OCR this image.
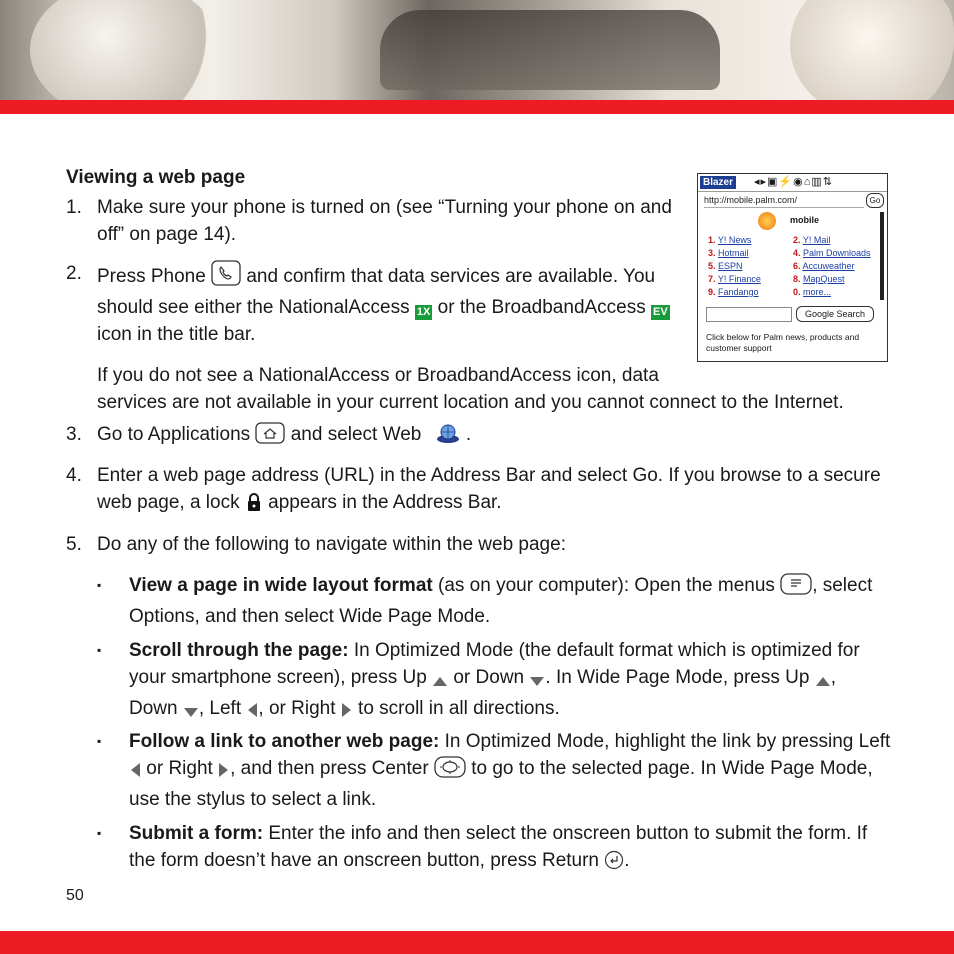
Viewing a web page
1. Make sure your phone is turned on (see “Turning your phone on and
off” on page 14).
2. Press Phone and confirm that data services are available. You
should see either the NationalAccess 1X or the BroadbandAccess EV
icon in the title bar.
If you do not see a NationalAccess or BroadbandAccess icon, data
services are not available in your current location and you cannot connect to the Internet.
3. Go to Applications and select Web .
4. Enter a web page address (URL) in the Address Bar and select Go. If you browse to a secure
web page, a lock appears in the Address Bar.
5. Do any of the following to navigate within the web page:
▪	View a page in wide layout format (as on your computer): Open the menus , select
Options, and then select Wide Page Mode.
▪	Scroll through the page: In Optimized Mode (the default format which is optimized for
your smartphone screen), press Up or Down . In Wide Page Mode, press Up ,
Down , Left , or Right to scroll in all directions.
▪	Follow a link to another web page: In Optimized Mode, highlight the link by pressing Left
or Right , and then press Center to go to the selected page. In Wide Page Mode,
use the stylus to select a link.
▪	Submit a form: Enter the info and then select the onscreen button to submit the form. If
the form doesn’t have an onscreen button, press Return .
Blazer ◂▸▣⚡◉⌂▥⇅
http://mobile.palm.com/	Go
mobile
1. Y! News	2. Y! Mail
3. Hotmail	4. Palm Downloads
5. ESPN	6. Accuweather
7. Y! Finance	8. MapQuest
9. Fandango	0. more...
Google Search
Click below for Palm news, products and customer support
50
